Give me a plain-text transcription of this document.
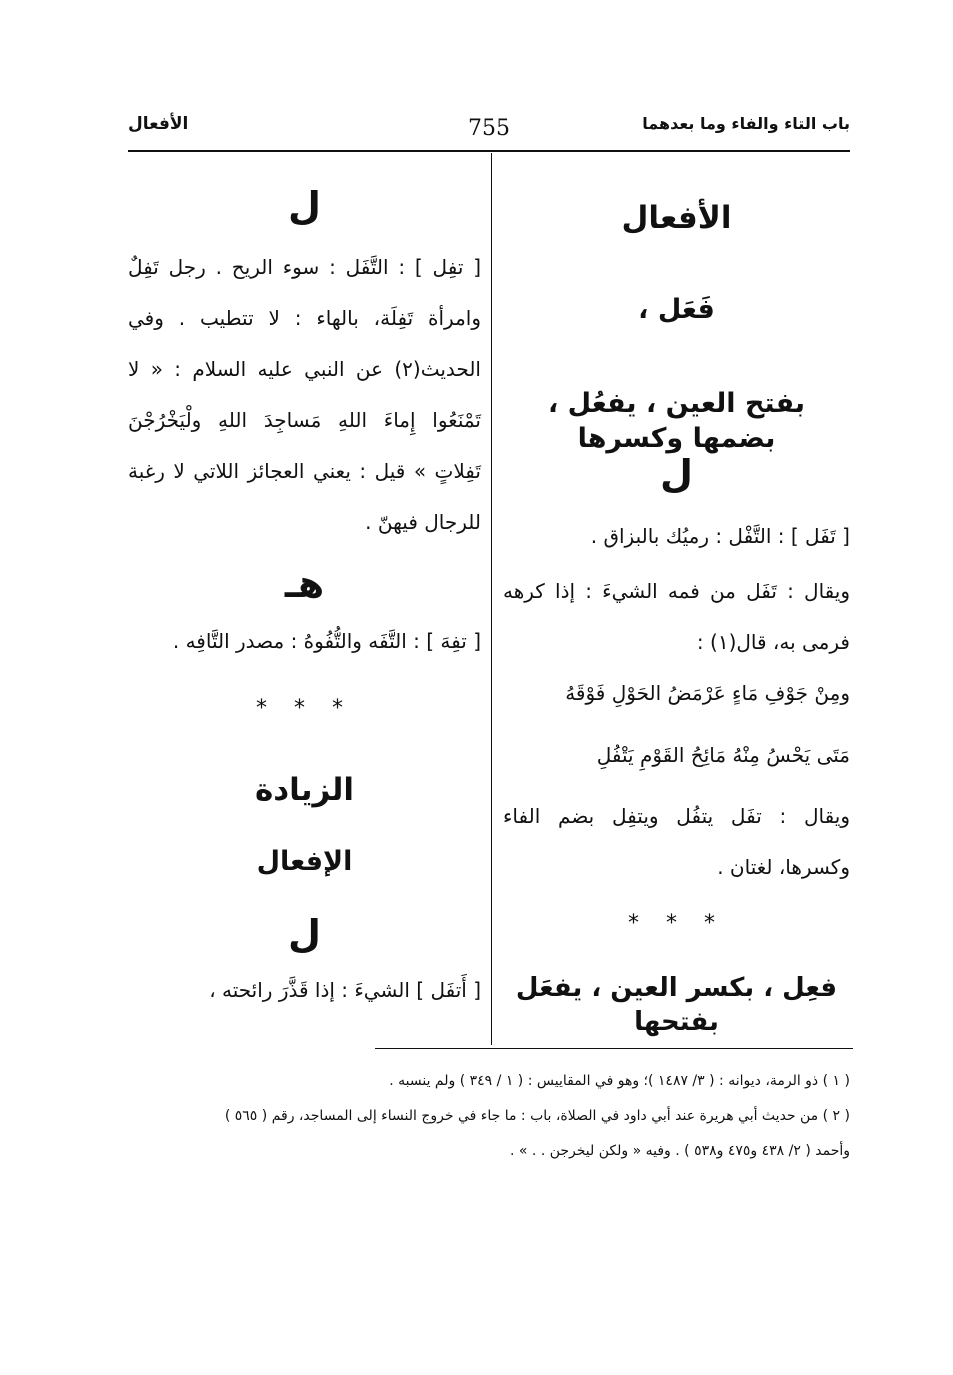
باب التاء والفاء وما بعدهما
755
الأفعال
الأفعال
فَعَل ،
بفتح العين ، يفعُل ، بضمها وكسرها
ل
[ تَفَل ] : التَّفْل : رميُك بالبزاق .
ويقال : تَفَل من فمه الشيءَ : إذا كرهه فرمى به، قال(١) :
ومِنْ جَوْفِ مَاءٍ عَرْمَضُ الحَوْلِ فَوْقَهُ
مَتَى يَحْسُ مِنْهُ مَائِحُ القَوْمِ يَتْفُلِ
ويقال : تفَل يتفُل ويتفِل بضم الفاء وكسرها، لغتان .
* * *
فعِل ، بكسر العين ، يفعَل بفتحها
ل
[ تفِل ] : التَّفَل : سوء الريح . رجل تَفِلٌ وامرأة تَفِلَة، بالهاء : لا تتطيب . وفي الحديث(٢) عن النبي عليه السلام : « لا تَمْنَعُوا إِماءَ اللهِ مَساجِدَ اللهِ ولْيَخْرُجْنَ تَفِلاتٍ » قيل : يعني العجائز اللاتي لا رغبة للرجال فيهنّ .
هـ
[ تفِهَ ] : التَّفَه والتُّفُوهُ : مصدر التَّافِه .
* * *
الزيادة
الإفعال
ل
[ أَتفَل ] الشيءَ : إذا قَذَّرَ رائحته ،
( ١ ) ذو الرمة، ديوانه : ( ٣/ ١٤٨٧ )؛ وهو في المقاييس : ( ١ / ٣٤٩ ) ولم ينسبه .
( ٢ ) من حديث أبي هريرة عند أبي داود في الصلاة، باب : ما جاء في خروج النساء إلى المساجد، رقم ( ٥٦٥ )
وأحمد ( ٢/ ٤٣٨ و٤٧٥ و٥٣٨ ) . وفيه « ولكن ليخرجن . . » .
